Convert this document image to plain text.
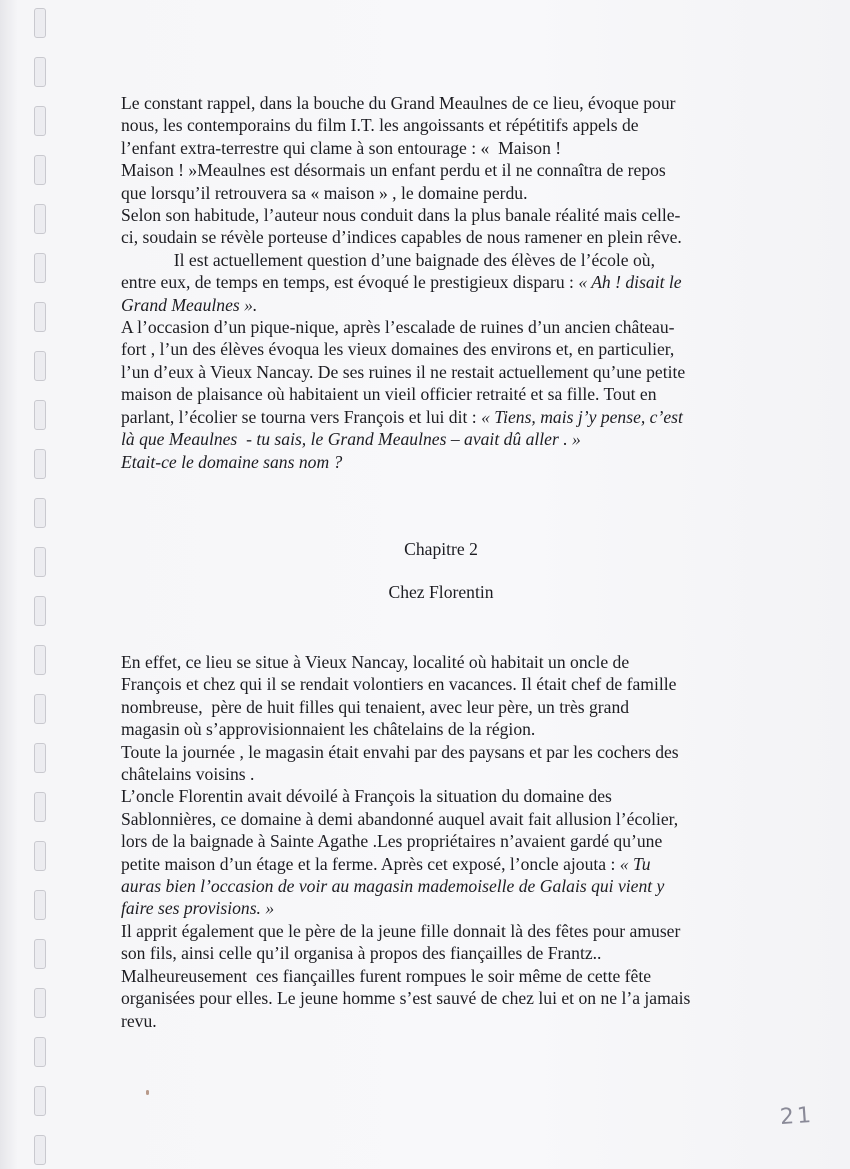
Le constant rappel, dans la bouche du Grand Meaulnes de ce lieu, évoque pour
nous, les contemporains du film I.T. les angoissants et répétitifs appels de
l’enfant extra-terrestre qui clame à son entourage : «  Maison !
Maison ! »Meaulnes est désormais un enfant perdu et il ne connaîtra de repos
que lorsqu’il retrouvera sa « maison » , le domaine perdu.
Selon son habitude, l’auteur nous conduit dans la plus banale réalité mais celle-
ci, soudain se révèle porteuse d’indices capables de nous ramener en plein rêve.
Il est actuellement question d’une baignade des élèves de l’école où,
entre eux, de temps en temps, est évoqué le prestigieux disparu : « Ah ! disait le
Grand Meaulnes ».
A l’occasion d’un pique-nique, après l’escalade de ruines d’un ancien château-
fort , l’un des élèves évoqua les vieux domaines des environs et, en particulier,
l’un d’eux à Vieux Nancay. De ses ruines il ne restait actuellement qu’une petite
maison de plaisance où habitaient un vieil officier retraité et sa fille. Tout en
parlant, l’écolier se tourna vers François et lui dit : « Tiens, mais j’y pense, c’est
là que Meaulnes  - tu sais, le Grand Meaulnes – avait dû aller . »
Etait-ce le domaine sans nom ?
Chapitre 2
Chez Florentin
En effet, ce lieu se situe à Vieux Nancay, localité où habitait un oncle de
François et chez qui il se rendait volontiers en vacances. Il était chef de famille
nombreuse,  père de huit filles qui tenaient, avec leur père, un très grand
magasin où s’approvisionnaient les châtelains de la région.
Toute la journée , le magasin était envahi par des paysans et par les cochers des
châtelains voisins .
L’oncle Florentin avait dévoilé à François la situation du domaine des
Sablonnières, ce domaine à demi abandonné auquel avait fait allusion l’écolier,
lors de la baignade à Sainte Agathe .Les propriétaires n’avaient gardé qu’une
petite maison d’un étage et la ferme. Après cet exposé, l’oncle ajouta : « Tu
auras bien l’occasion de voir au magasin mademoiselle de Galais qui vient y
faire ses provisions. »
Il apprit également que le père de la jeune fille donnait là des fêtes pour amuser
son fils, ainsi celle qu’il organisa à propos des fiançailles de Frantz..
Malheureusement  ces fiançailles furent rompues le soir même de cette fête
organisées pour elles. Le jeune homme s’est sauvé de chez lui et on ne l’a jamais
revu.
21
